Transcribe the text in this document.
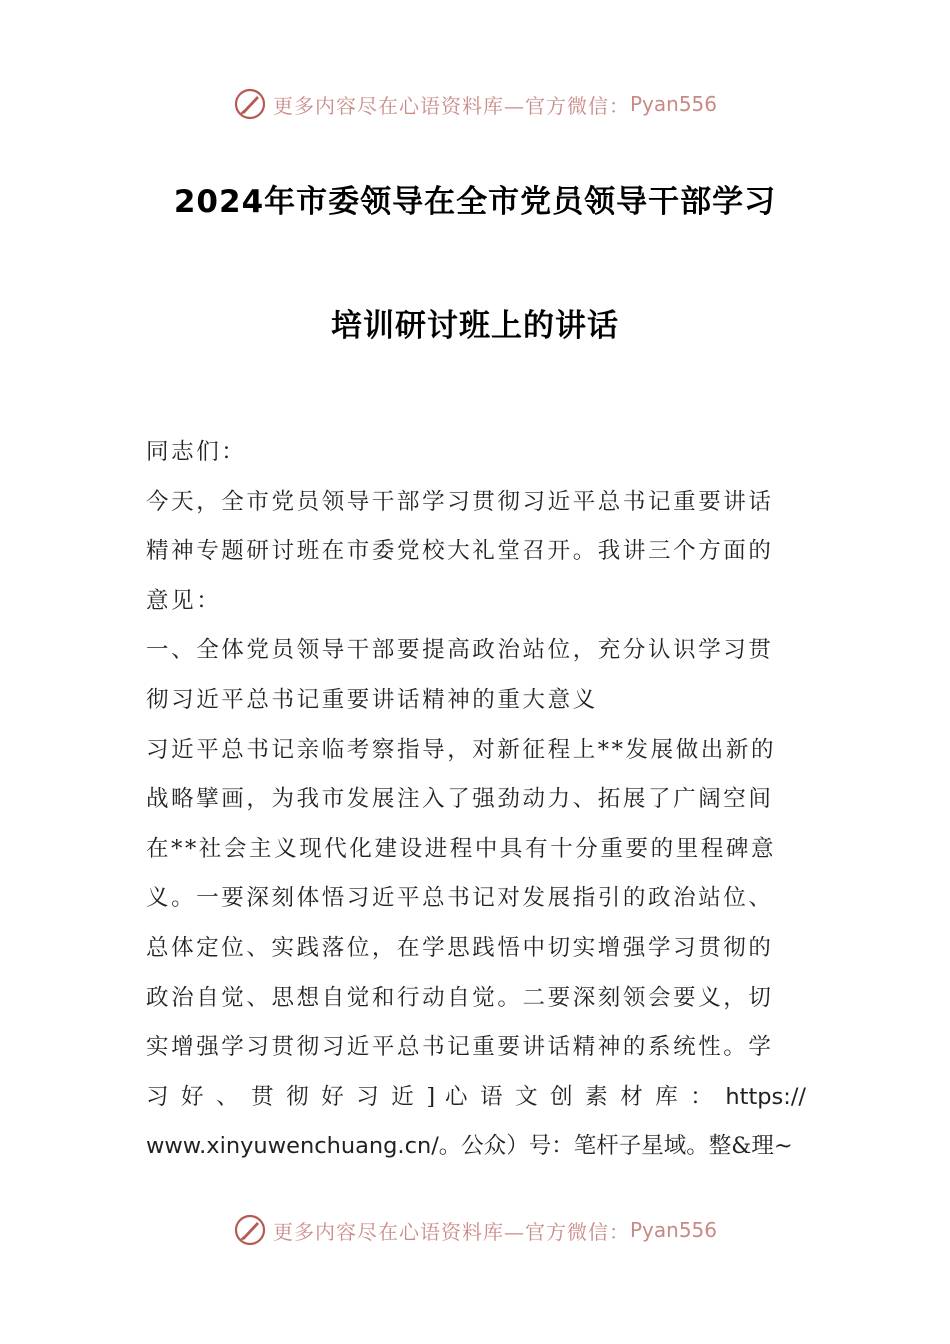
更多内容尽在心语资料库—官方微信： Pyan556
2024年市委领导在全市党员领导干部学习
培训研讨班上的讲话
同志们：
今天，全市党员领导干部学习贯彻习近平总书记重要讲话
精神专题研讨班在市委党校大礼堂召开。我讲三个方面的
意见：
一、全体党员领导干部要提高政治站位，充分认识学习贯
彻习近平总书记重要讲话精神的重大意义
习近平总书记亲临考察指导，对新征程上**发展做出新的
战略擘画，为我市发展注入了强劲动力、拓展了广阔空间
在**社会主义现代化建设进程中具有十分重要的里程碑意
义。一要深刻体悟习近平总书记对发展指引的政治站位、
总体定位、实践落位，在学思践悟中切实增强学习贯彻的
政治自觉、思想自觉和行动自觉。二要深刻领会要义，切
实增强学习贯彻习近平总书记重要讲话精神的系统性。学
习 好 、 贯 彻 好 习 近 ] 心 语 文 创 素 材 库 ： https://
www.xinyuwenchuang.cn/。公众）号：笔杆子星域。整&理~
更多内容尽在心语资料库—官方微信： Pyan556
